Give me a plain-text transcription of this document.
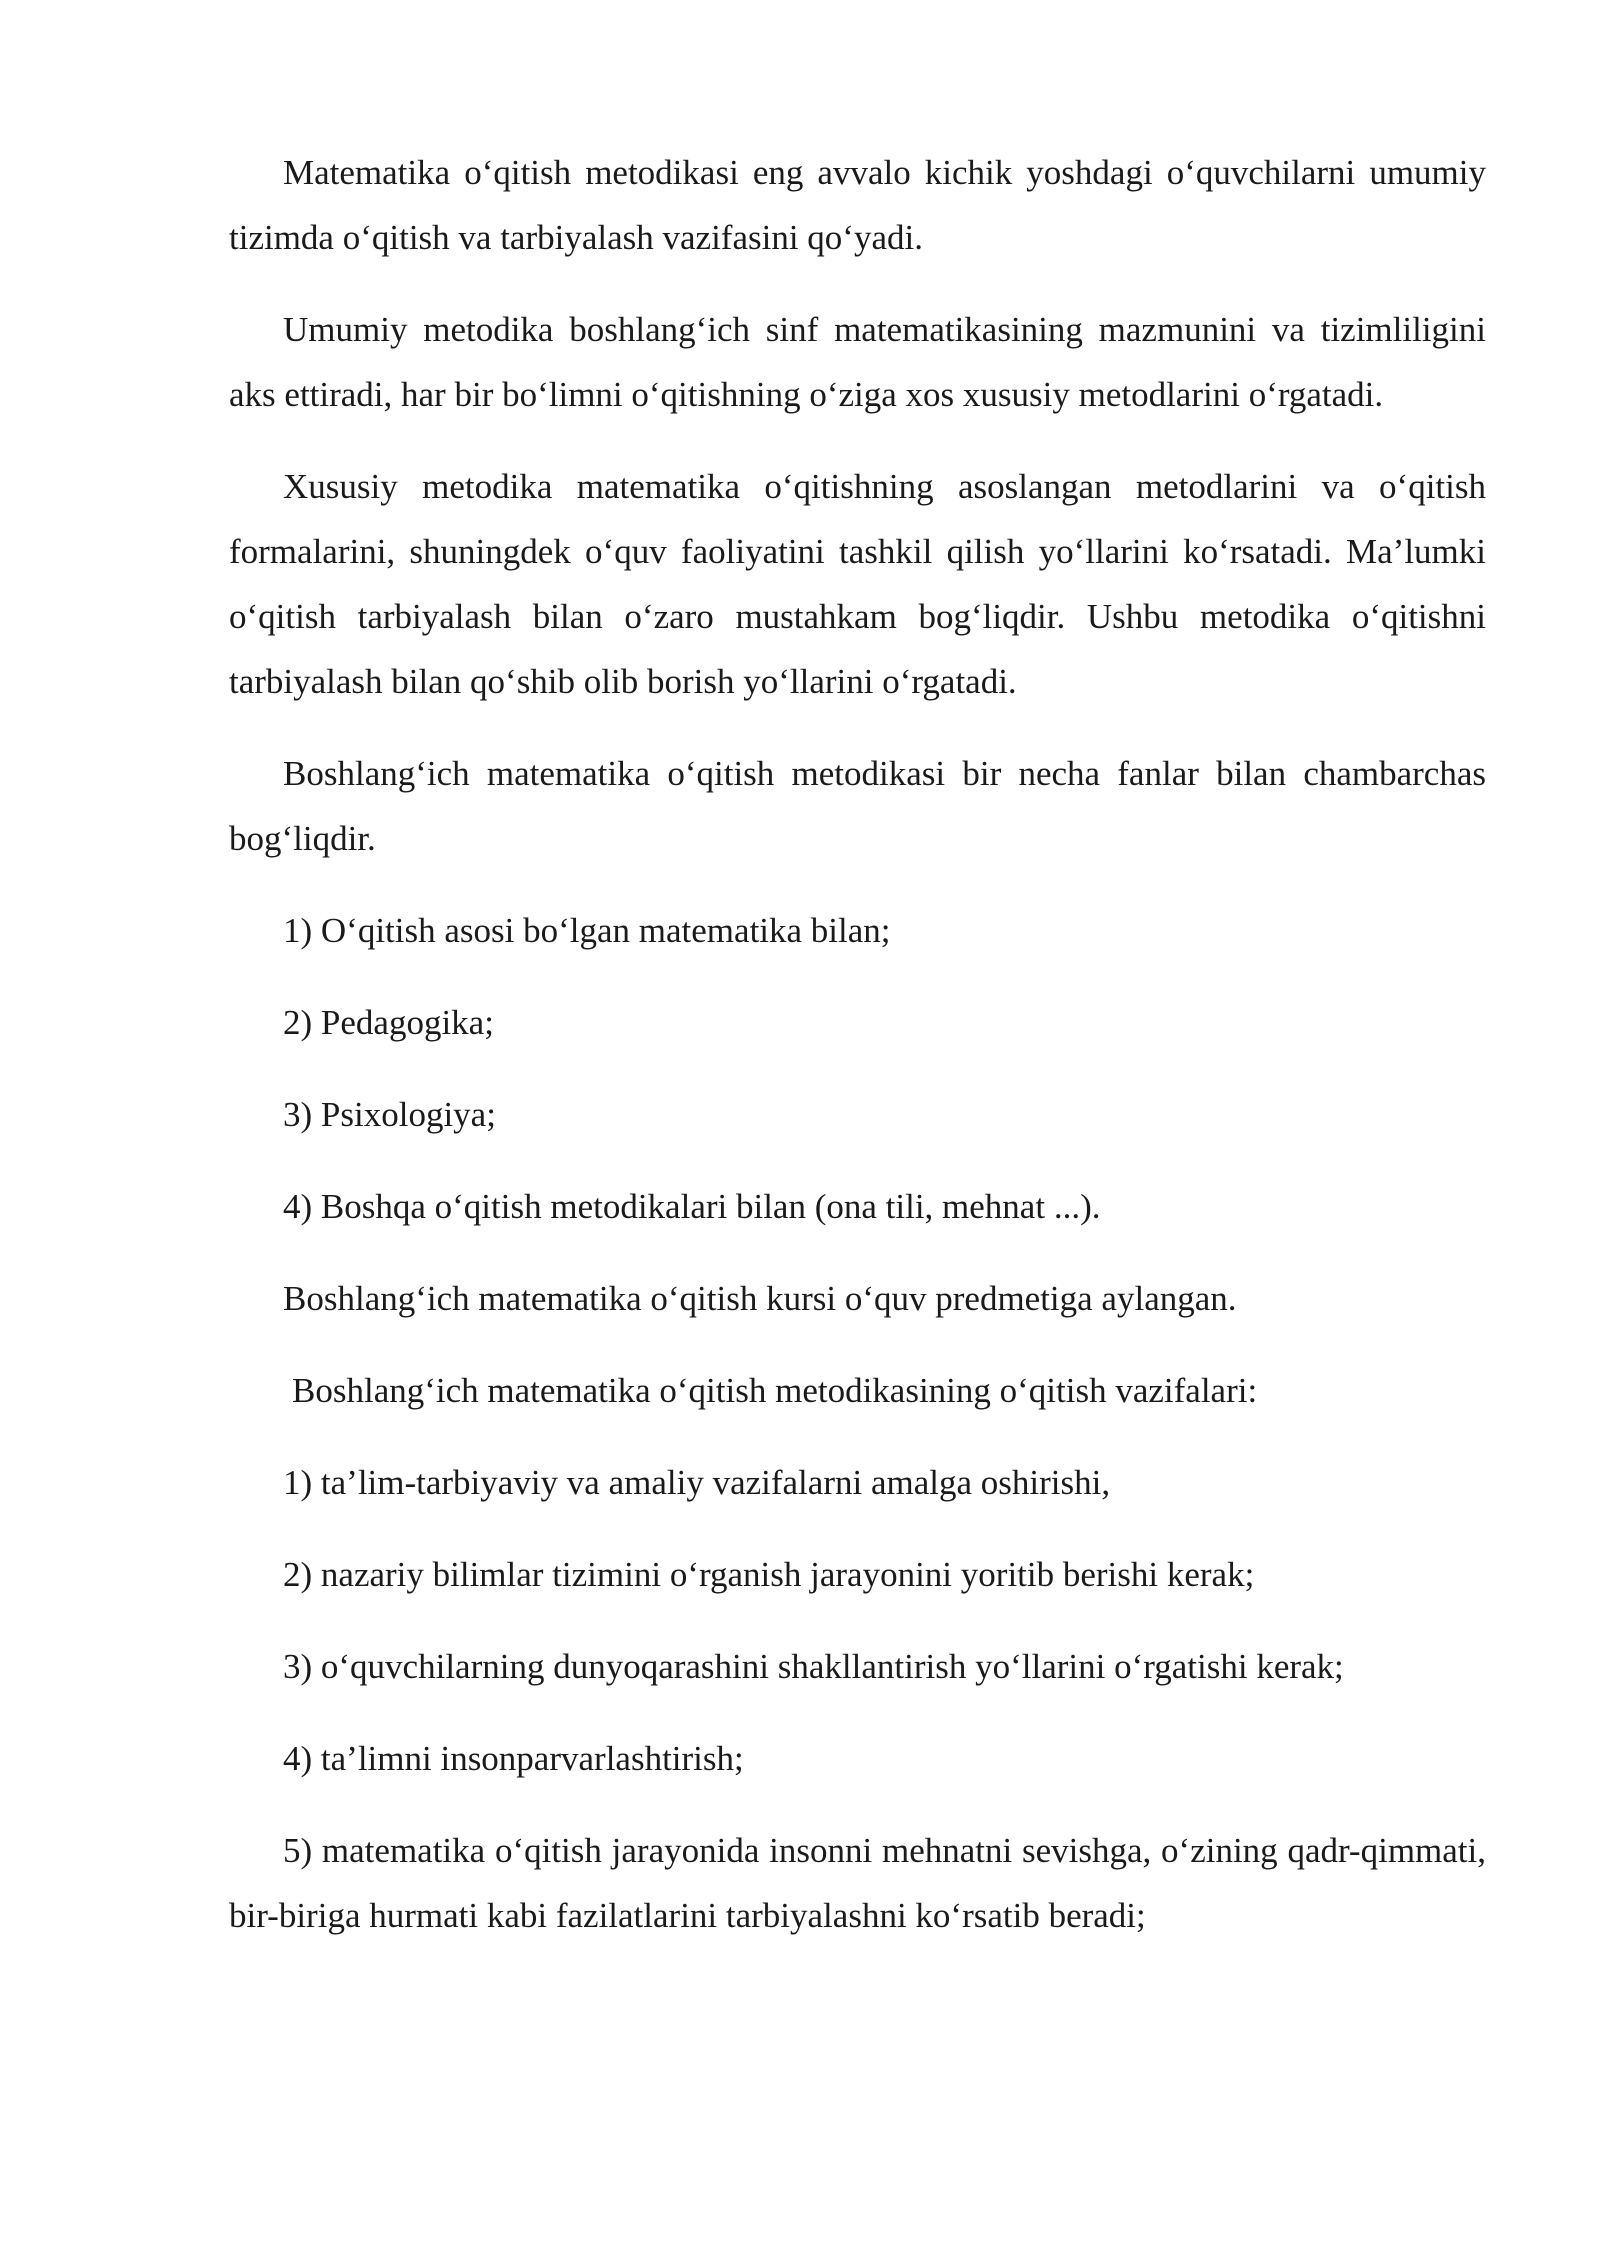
Matematika oʻqitish metodikasi eng avvalo kichik yoshdagi oʻquvchilarni umumiy tizimda oʻqitish va tarbiyalash vazifasini qoʻyadi.

Umumiy metodika boshlangʻich sinf matematikasining mazmunini va tizimliligini aks ettiradi, har bir boʻlimni oʻqitishning oʻziga xos xususiy metodlarini oʻrgatadi.

Xususiy metodika matematika oʻqitishning asoslangan metodlarini va oʻqitish formalarini, shuningdek oʻquv faoliyatini tashkil qilish yoʻllarini koʻrsatadi. Ma’lumki oʻqitish tarbiyalash bilan oʻzaro mustahkam bogʻliqdir. Ushbu metodika oʻqitishni tarbiyalash bilan qoʻshib olib borish yoʻllarini oʻrgatadi.

Boshlangʻich matematika oʻqitish metodikasi bir necha fanlar bilan chambarchas bogʻliqdir.

1) Oʻqitish asosi boʻlgan matematika bilan;

2) Pedagogika;

3) Psixologiya;

4) Boshqa oʻqitish metodikalari bilan (ona tili, mehnat ...).

Boshlangʻich matematika oʻqitish kursi oʻquv predmetiga aylangan.

Boshlangʻich matematika oʻqitish metodikasining oʻqitish vazifalari:

1) ta’lim-tarbiyaviy va amaliy vazifalarni amalga oshirishi,

2) nazariy bilimlar tizimini oʻrganish jarayonini yoritib berishi kerak;

3) oʻquvchilarning dunyoqarashini shakllantirish yoʻllarini oʻrgatishi kerak;

4) ta’limni insonparvarlashtirish;

5) matematika oʻqitish jarayonida insonni mehnatni sevishga, oʻzining qadr-qimmati, bir-biriga hurmati kabi fazilatlarini tarbiyalashni koʻrsatib beradi;
